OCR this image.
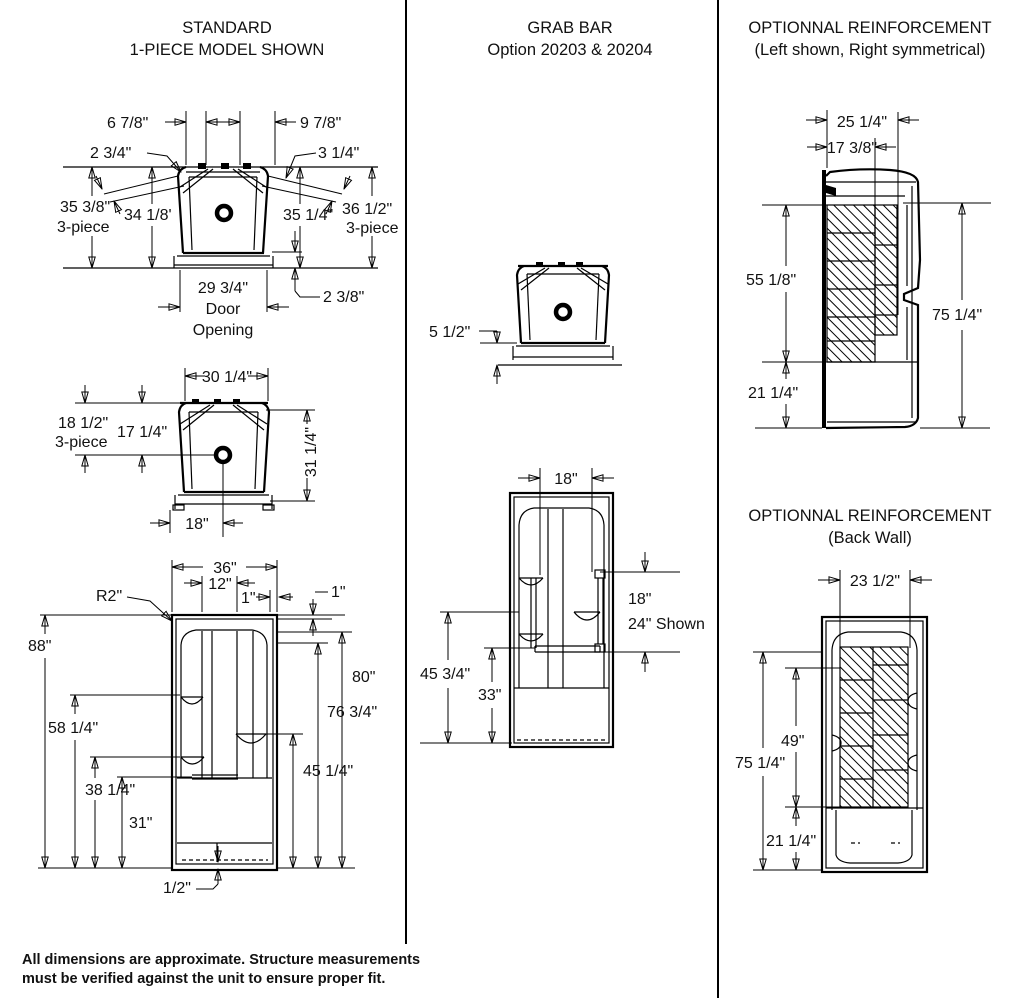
STANDARD
1-PIECE MODEL SHOWN
GRAB BAR
Option 20203 & 20204
OPTIONNAL REINFORCEMENT
(Left shown, Right symmetrical)
OPTIONNAL REINFORCEMENT
(Back Wall)
6 7/8"	9 7/8"
2 3/4"	3 1/4"
35 3/8"
3-piece
34 1/8'	35 1/4" 36 1/2"
3-piece
29 3/4"
Door
Opening
2 3/8"
30 1/4"
18 1/2"
3-piece
17 1/4"	31 1/4"
18"
36"
12"
1"	1"
R2"
88"
58 1/4"
38 1/4"
31"
80"
76 3/4"
45 1/4"
1/2"
5 1/2"
18"
18"
24" Shown
45 3/4"
33"
25 1/4"
17 3/8"
55 1/8"
21 1/4"
75 1/4"
23 1/2"
49"
75 1/4"
21 1/4"
All dimensions are approximate. Structure measurements
must be verified against the unit to ensure proper fit.
